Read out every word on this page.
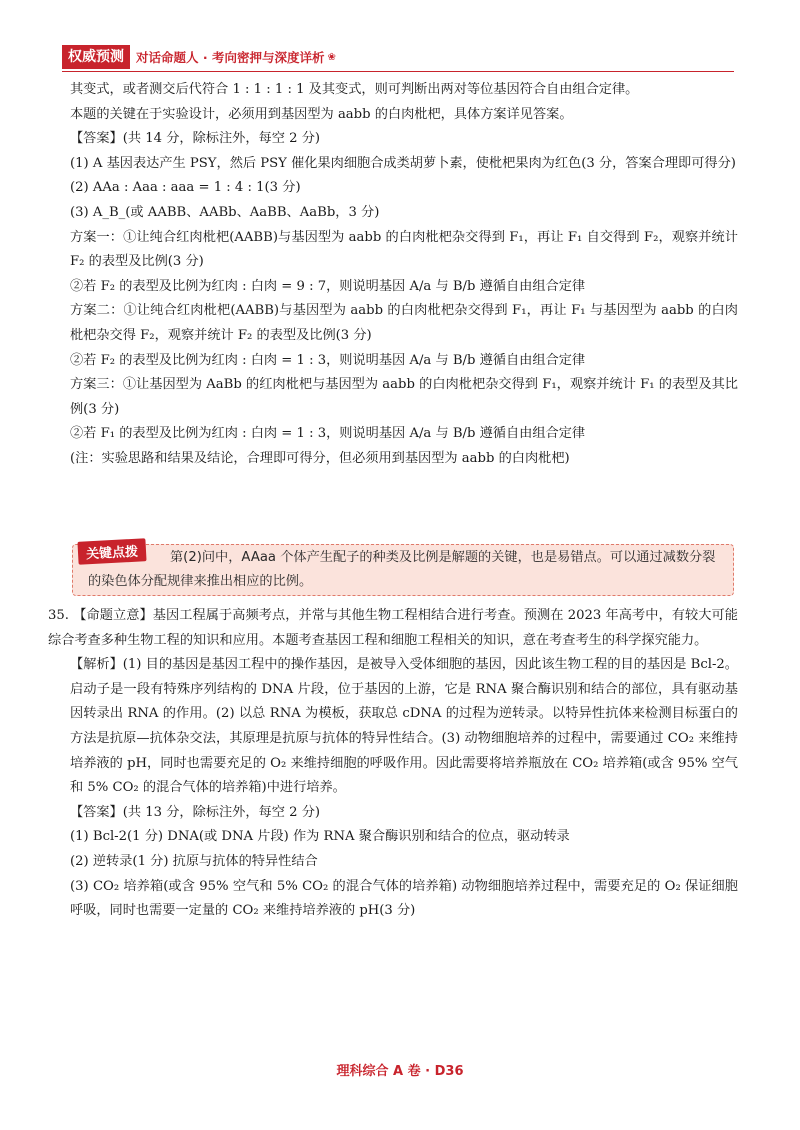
权威预测 对话命题人 · 考向密押与深度详析 ❀

其变式，或者测交后代符合 1 : 1 : 1 : 1 及其变式，则可判断出两对等位基因符合自由组合定律。

本题的关键在于实验设计，必须用到基因型为 aabb 的白肉枇杷，具体方案详见答案。

【答案】(共 14 分，除标注外，每空 2 分)

(1) A 基因表达产生 PSY，然后 PSY 催化果肉细胞合成类胡萝卜素，使枇杷果肉为红色(3 分，答案合理即可得分)

(2) AAa : Aaa : aaa = 1 : 4 : 1(3 分)

(3) A_B_(或 AABB、AABb、AaBB、AaBb，3 分)

方案一：①让纯合红肉枇杷(AABB)与基因型为 aabb 的白肉枇杷杂交得到 F₁，再让 F₁ 自交得到 F₂，观察并统计 F₂ 的表型及比例(3 分)

②若 F₂ 的表型及比例为红肉 : 白肉 = 9 : 7，则说明基因 A/a 与 B/b 遵循自由组合定律

方案二：①让纯合红肉枇杷(AABB)与基因型为 aabb 的白肉枇杷杂交得到 F₁，再让 F₁ 与基因型为 aabb 的白肉枇杷杂交得 F₂，观察并统计 F₂ 的表型及比例(3 分)

②若 F₂ 的表型及比例为红肉 : 白肉 = 1 : 3，则说明基因 A/a 与 B/b 遵循自由组合定律

方案三：①让基因型为 AaBb 的红肉枇杷与基因型为 aabb 的白肉枇杷杂交得到 F₁，观察并统计 F₁ 的表型及其比例(3 分)

②若 F₁ 的表型及比例为红肉 : 白肉 = 1 : 3，则说明基因 A/a 与 B/b 遵循自由组合定律

(注：实验思路和结果及结论，合理即可得分，但必须用到基因型为 aabb 的白肉枇杷)

第(2)问中，AAaa 个体产生配子的种类及比例是解题的关键，也是易错点。可以通过减数分裂的染色体分配规律来推出相应的比例。
关键点拨

35. 【命题立意】基因工程属于高频考点，并常与其他生物工程相结合进行考查。预测在 2023 年高考中，有较大可能综合考查多种生物工程的知识和应用。本题考查基因工程和细胞工程相关的知识，意在考查考生的科学探究能力。

【解析】(1) 目的基因是基因工程中的操作基因，是被导入受体细胞的基因，因此该生物工程的目的基因是 Bcl-2。启动子是一段有特殊序列结构的 DNA 片段，位于基因的上游，它是 RNA 聚合酶识别和结合的部位，具有驱动基因转录出 RNA 的作用。(2) 以总 RNA 为模板，获取总 cDNA 的过程为逆转录。以特异性抗体来检测目标蛋白的方法是抗原—抗体杂交法，其原理是抗原与抗体的特异性结合。(3) 动物细胞培养的过程中，需要通过 CO₂ 来维持培养液的 pH，同时也需要充足的 O₂ 来维持细胞的呼吸作用。因此需要将培养瓶放在 CO₂ 培养箱(或含 95% 空气和 5% CO₂ 的混合气体的培养箱)中进行培养。

【答案】(共 13 分，除标注外，每空 2 分)

(1) Bcl-2(1 分) DNA(或 DNA 片段) 作为 RNA 聚合酶识别和结合的位点，驱动转录

(2) 逆转录(1 分) 抗原与抗体的特异性结合

(3) CO₂ 培养箱(或含 95% 空气和 5% CO₂ 的混合气体的培养箱) 动物细胞培养过程中，需要充足的 O₂ 保证细胞呼吸，同时也需要一定量的 CO₂ 来维持培养液的 pH(3 分)

理科综合 A 卷 · D36
